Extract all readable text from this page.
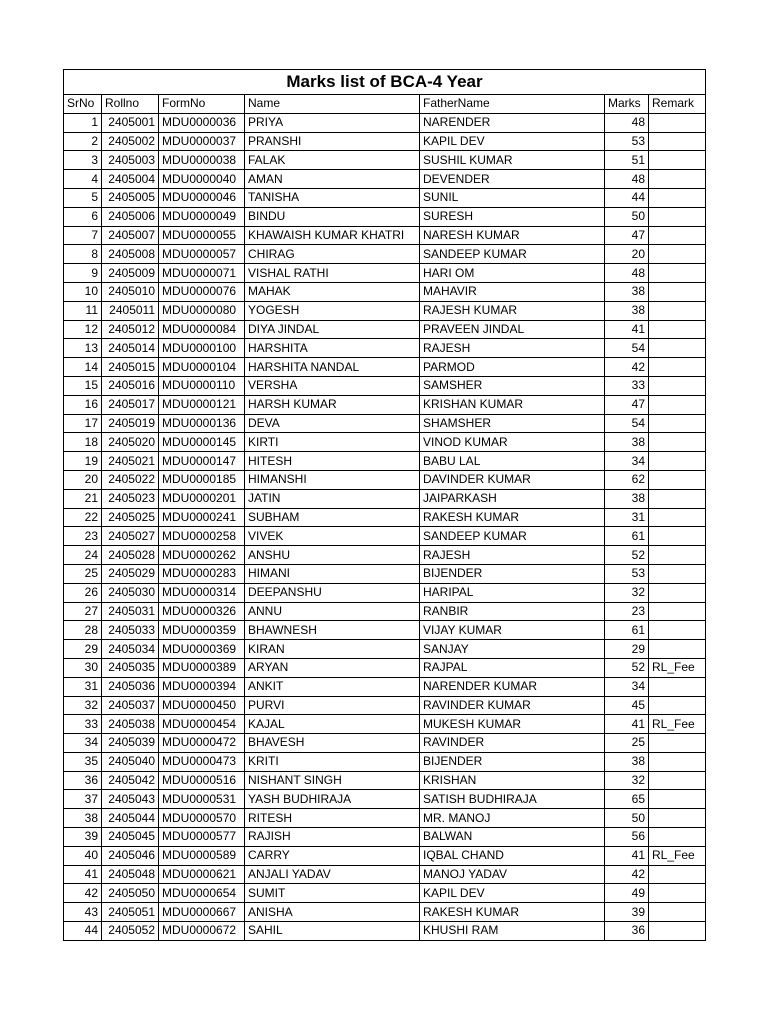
Marks list of BCA-4 Year						
SrNo	Rollno	FormNo	Name	FatherName	Marks	Remark
1	2405001	MDU0000036	PRIYA	NARENDER	48	
2	2405002	MDU0000037	PRANSHI	KAPIL DEV	53	
3	2405003	MDU0000038	FALAK	SUSHIL KUMAR	51	
4	2405004	MDU0000040	AMAN	DEVENDER	48	
5	2405005	MDU0000046	TANISHA	SUNIL	44	
6	2405006	MDU0000049	BINDU	SURESH	50	
7	2405007	MDU0000055	KHAWAISH KUMAR KHATRI	NARESH KUMAR	47	
8	2405008	MDU0000057	CHIRAG	SANDEEP KUMAR	20	
9	2405009	MDU0000071	VISHAL RATHI	HARI OM	48	
10	2405010	MDU0000076	MAHAK	MAHAVIR	38	
11	2405011	MDU0000080	YOGESH	RAJESH KUMAR	38	
12	2405012	MDU0000084	DIYA JINDAL	PRAVEEN JINDAL	41	
13	2405014	MDU0000100	HARSHITA	RAJESH	54	
14	2405015	MDU0000104	HARSHITA NANDAL	PARMOD	42	
15	2405016	MDU0000110	VERSHA	SAMSHER	33	
16	2405017	MDU0000121	HARSH KUMAR	KRISHAN KUMAR	47	
17	2405019	MDU0000136	DEVA	SHAMSHER	54	
18	2405020	MDU0000145	KIRTI	VINOD KUMAR	38	
19	2405021	MDU0000147	HITESH	BABU LAL	34	
20	2405022	MDU0000185	HIMANSHI	DAVINDER KUMAR	62	
21	2405023	MDU0000201	JATIN	JAIPARKASH	38	
22	2405025	MDU0000241	SUBHAM	RAKESH KUMAR	31	
23	2405027	MDU0000258	VIVEK	SANDEEP KUMAR	61	
24	2405028	MDU0000262	ANSHU	RAJESH	52	
25	2405029	MDU0000283	HIMANI	BIJENDER	53	
26	2405030	MDU0000314	DEEPANSHU	HARIPAL	32	
27	2405031	MDU0000326	ANNU	RANBIR	23	
28	2405033	MDU0000359	BHAWNESH	VIJAY KUMAR	61	
29	2405034	MDU0000369	KIRAN	SANJAY	29	
30	2405035	MDU0000389	ARYAN	RAJPAL	52	RL_Fee
31	2405036	MDU0000394	ANKIT	NARENDER KUMAR	34	
32	2405037	MDU0000450	PURVI	RAVINDER KUMAR	45	
33	2405038	MDU0000454	KAJAL	MUKESH KUMAR	41	RL_Fee
34	2405039	MDU0000472	BHAVESH	RAVINDER	25	
35	2405040	MDU0000473	KRITI	BIJENDER	38	
36	2405042	MDU0000516	NISHANT SINGH	KRISHAN	32	
37	2405043	MDU0000531	YASH BUDHIRAJA	SATISH BUDHIRAJA	65	
38	2405044	MDU0000570	RITESH	MR. MANOJ	50	
39	2405045	MDU0000577	RAJISH	BALWAN	56	
40	2405046	MDU0000589	CARRY	IQBAL CHAND	41	RL_Fee
41	2405048	MDU0000621	ANJALI YADAV	MANOJ YADAV	42	
42	2405050	MDU0000654	SUMIT	KAPIL DEV	49	
43	2405051	MDU0000667	ANISHA	RAKESH KUMAR	39	
44	2405052	MDU0000672	SAHIL	KHUSHI RAM	36	
